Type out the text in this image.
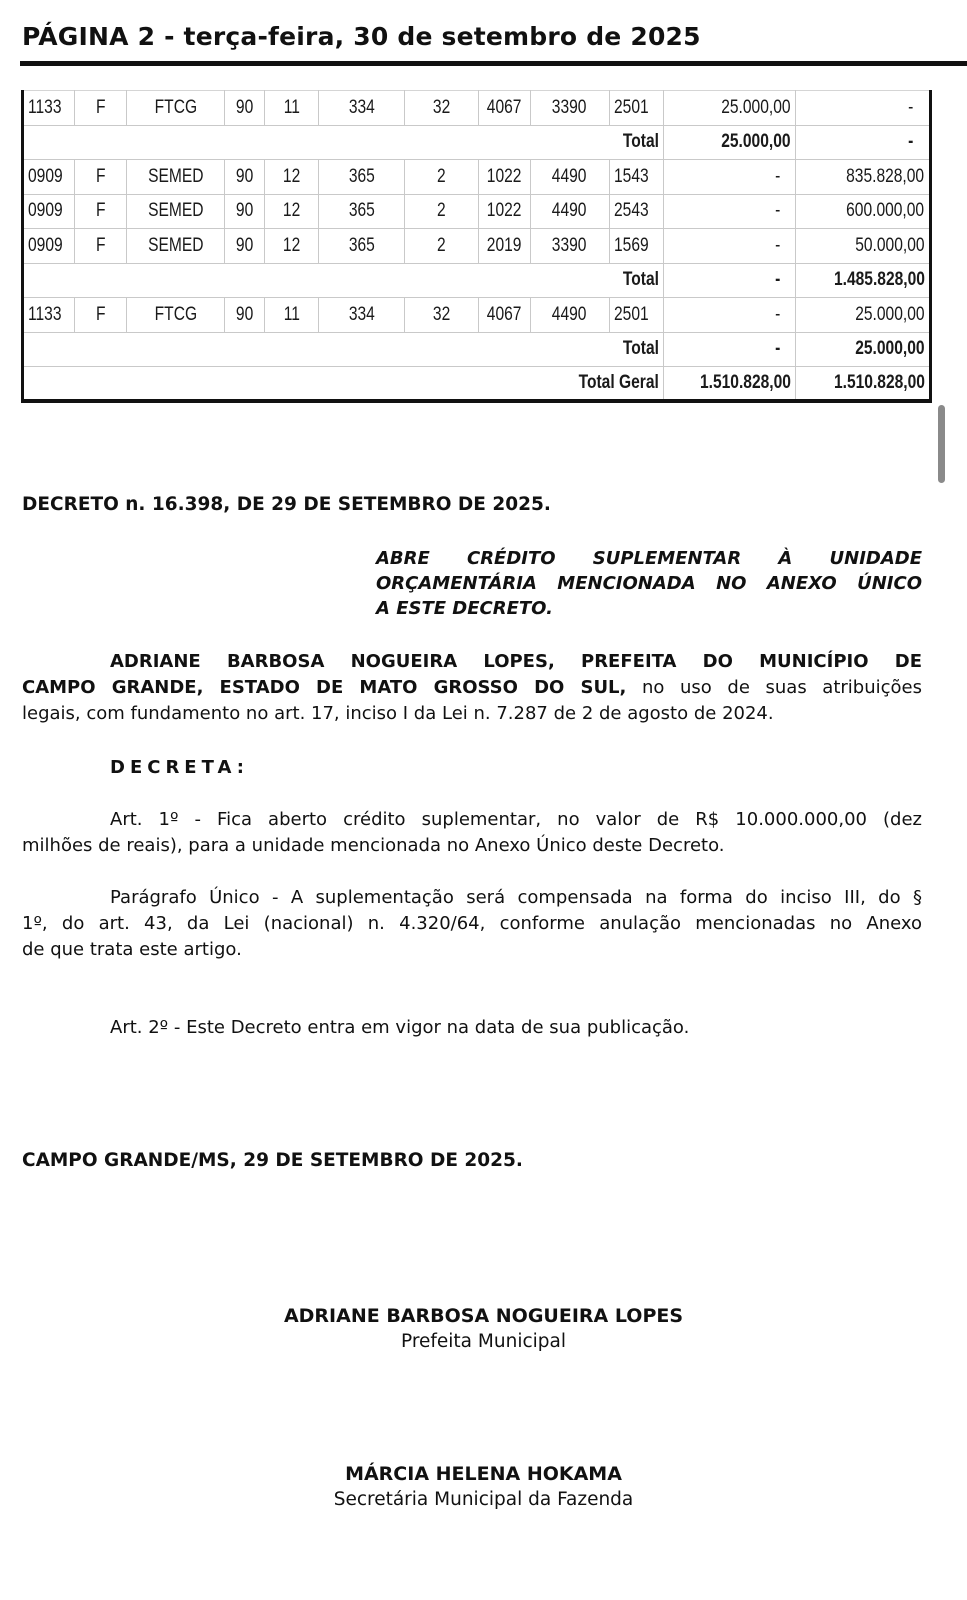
PÁGINA 2 - terça-feira, 30 de setembro de 2025
1133	F	FTCG	90	11	334	32	4067	3390	2501	25.000,00	-
Total										25.000,00	-
0909	F	SEMED	90	12	365	2	1022	4490	1543	-	835.828,00
0909	F	SEMED	90	12	365	2	1022	4490	2543	-	600.000,00
0909	F	SEMED	90	12	365	2	2019	3390	1569	-	50.000,00
Total										-	1.485.828,00
1133	F	FTCG	90	11	334	32	4067	4490	2501	-	25.000,00
Total										-	25.000,00
Total Geral										1.510.828,00	1.510.828,00
DECRETO n. 16.398, DE 29 DE SETEMBRO DE 2025.
ABRE CRÉDITO SUPLEMENTAR À UNIDADE
ORÇAMENTÁRIA MENCIONADA NO ANEXO ÚNICO
A ESTE DECRETO.
ADRIANE BARBOSA NOGUEIRA LOPES, PREFEITA DO MUNICÍPIO DE
CAMPO GRANDE, ESTADO DE MATO GROSSO DO SUL, no uso de suas atribuições
legais, com fundamento no art. 17, inciso I da Lei n. 7.287 de 2 de agosto de 2024.
DECRETA:
Art. 1º - Fica aberto crédito suplementar, no valor de R$ 10.000.000,00 (dez
milhões de reais), para a unidade mencionada no Anexo Único deste Decreto.
Parágrafo Único - A suplementação será compensada na forma do inciso III, do §
1º, do art. 43, da Lei (nacional) n. 4.320/64, conforme anulação mencionadas no Anexo
de que trata este artigo.
Art. 2º - Este Decreto entra em vigor na data de sua publicação.
CAMPO GRANDE/MS, 29 DE SETEMBRO DE 2025.
ADRIANE BARBOSA NOGUEIRA LOPES
Prefeita Municipal
MÁRCIA HELENA HOKAMA
Secretária Municipal da Fazenda
